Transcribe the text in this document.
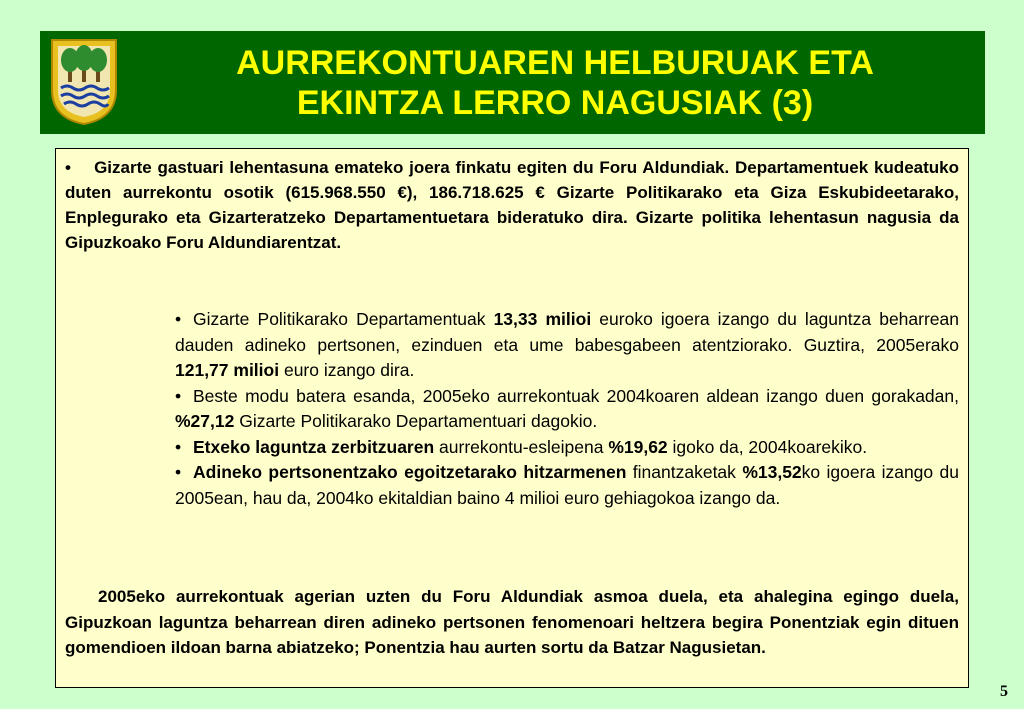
AURREKONTUAREN HELBURUAK ETA
EKINTZA LERRO NAGUSIAK (3)

• Gizarte gastuari lehentasuna emateko joera finkatu egiten du Foru Aldundiak. Departamentuek kudeatuko duten aurrekontu osotik (615.968.550 €), 186.718.625 € Gizarte Politikarako eta Giza Eskubideetarako, Enplegurako eta Gizarteratzeko Departamentuetara bideratuko dira. Gizarte politika lehentasun nagusia da Gipuzkoako Foru Aldundiarentzat.

• Gizarte Politikarako Departamentuak 13,33 milioi euroko igoera izango du laguntza beharrean dauden adineko pertsonen, ezinduen eta ume babesgabeen atentziorako. Guztira, 2005erako 121,77 milioi euro izango dira.

• Beste modu batera esanda, 2005eko aurrekontuak 2004koaren aldean izango duen gorakadan, %27,12 Gizarte Politikarako Departamentuari dagokio.

• Etxeko laguntza zerbitzuaren aurrekontu-esleipena %19,62 igoko da, 2004koarekiko.

• Adineko pertsonentzako egoitzetarako hitzarmenen finantzaketak %13,52ko igoera izango du 2005ean, hau da, 2004ko ekitaldian baino 4 milioi euro gehiagokoa izango da.

2005eko aurrekontuak agerian uzten du Foru Aldundiak asmoa duela, eta ahalegina egingo duela, Gipuzkoan laguntza beharrean diren adineko pertsonen fenomenoari heltzera begira Ponentziak egin dituen gomendioen ildoan barna abiatzeko; Ponentzia hau aurten sortu da Batzar Nagusietan.

5
